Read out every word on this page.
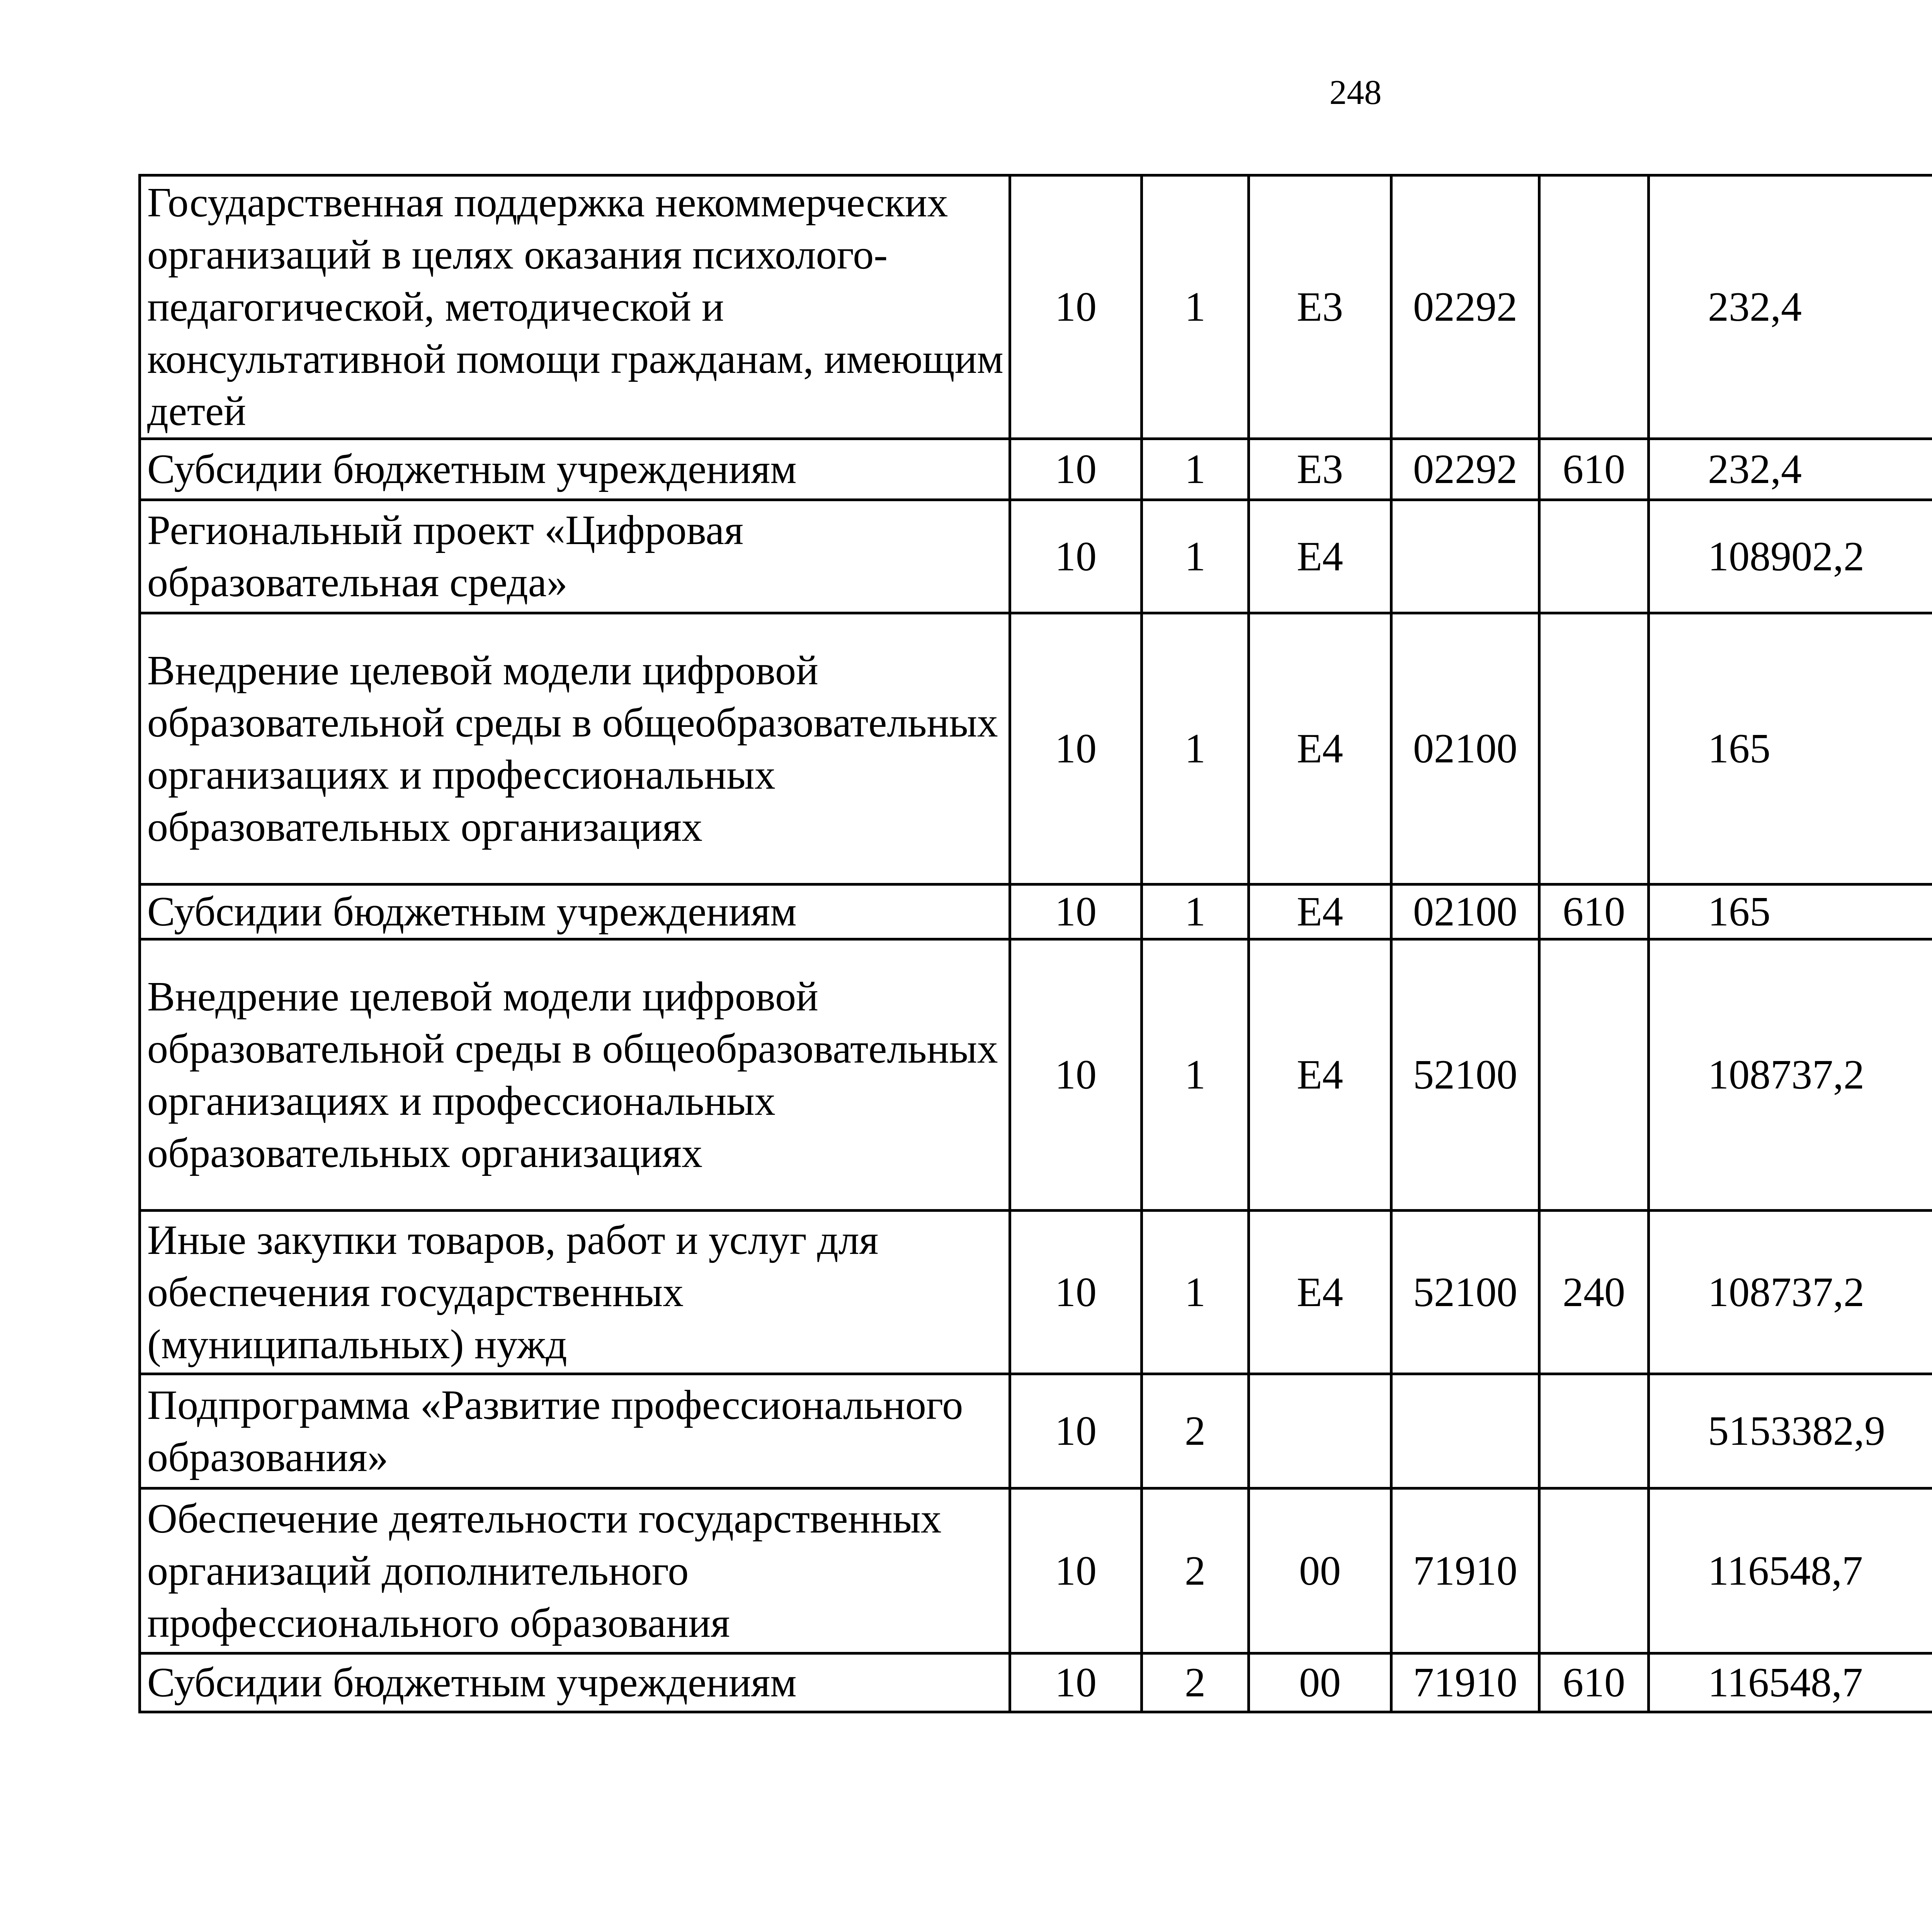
248
Государственная поддержка некоммерческих организаций в целях оказания психолого-педагогической, методической и консультативной помощи гражданам, имеющим детей	10	1	Е3	02292		232,4		
Субсидии бюджетным учреждениям	10	1	Е3	02292	610	232,4		
Региональный проект «Цифровая образовательная среда»	10	1	Е4			108902,2		
Внедрение целевой модели цифровой образовательной среды в общеобразовательных организациях и профессиональных образовательных организациях	10	1	Е4	02100		165		
Субсидии бюджетным учреждениям	10	1	Е4	02100	610	165		
Внедрение целевой модели цифровой образовательной среды в общеобразовательных организациях и профессиональных образовательных организациях	10	1	Е4	52100		108737,2		
Иные закупки товаров, работ и услуг для обеспечения государственных (муниципальных) нужд	10	1	Е4	52100	240	108737,2		
Подпрограмма «Развитие профессионального образования»	10	2				5153382,9		
Обеспечение деятельности государственных организаций дополнительного профессионального образования	10	2	00	71910		116548,7		
Субсидии бюджетным учреждениям	10	2	00	71910	610	116548,7		
